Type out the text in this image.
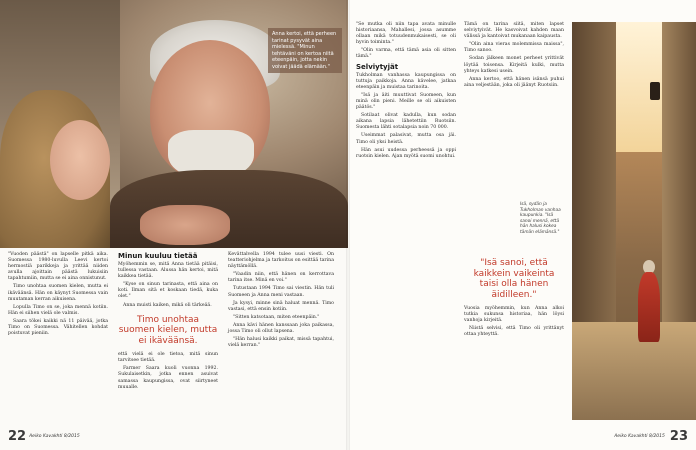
Anna kertoi, että perheen tarinat pysyvät aina mielessä. "Minun tehtäväni on kertoa niitä eteenpäin, jotta nekin voivat jäädä elämään."

"Vuoden päästä" on lapselle pitkä aika. Suomessa 1980-luvulla Leevi kertoi hermostiä parikkeja ja yrittää niiden avulla ajoittain päästä lukuisiin tapahtumiin, mutta se ei aina onnistunut.

Timo unohtaa suomen kielen, mutta ei ikäväänsä. Hän on käynyt Suomessa vain muutaman kerran aikuisena.

Lopulla Timo on se, joka mennä kotiin. Hän ei siihen vielä ole valmis.

Saara tökei kaikki nä 11 päivää, jotka Timo on Suomessa. Vähitellen kohdat poistuvat pieniin.

Minun kuuluu tietää

Myöhemmin se, mitä Anna tietää pitäisi, tullessa vastaan. Alussa hän kertoi, mitä kaikkea tietää.

"Kyse on sinun tarinasta, että aina on koti. Ilman sitä et koskaan tiedä, kuka olet."

Anna muisti kaiken, mikä oli tärkeää.

Timo unohtaa suomen kielen, mutta ei ikäväänsä.

että vielä ei ole tietoa, mitä sinun tarvitsee tietää.

Farmer Saara kuoli vuonna 1992. Sukulaisetkin, jotka ennen asuivat samassa kaupungissa, ovat siirtyneet muualle.

Kevättalvella 1994 tulee uusi viesti. On teatteriohjelma ja tarkoitus on esittää tarina näyttämöllä.

"Vaadin niin, että hänen on kerrottava tarina itse. Minä en voi."

Tutustaan 1994 Timo sai viestin. Hän tuli Suomeen ja Anna meni vastaan.

Ja kysyi, minne sinä haluat mennä. Timo vastasi, että ensin kotiin.

"Sitten katsotaan, miten eteenpäin."

Anna kävi hänen kanssaan joka paikassa, jossa Timo oli ollut lapsena.

"Hän halusi kaikki paikat, missä tapahtui, vielä kerran."

22 Aeiko Kavakhti 8/2015

"Se mutka oli niin tapa avata minulle historiaansa, Mahallesi, jossa asumme ollaan mikä totuudenmukaisesti, se oli hyvin toiminta."

"Olin varma, että tämä asia oli sitten tämä."

Selviytyjät

Tukholman vanhassa kaupungissa on tuttuja paikkoja. Anna kävelee, jatkaa eteenpäin ja muistaa tarinoita.

"Isä ja äiti muuttivat Suomeen, kun minä olin pieni. Meille se oli aikuisten päätös."

Sotilaat olivat kadulla, kun sodan aikana lapsia lähetettiin Ruotsiin. Suomesta lähti sotalapsia noin 70 000.

Useimmat palasivat, mutta osa jäi. Timo oli yksi heistä.

Hän asui uudessa perheessä ja oppi ruotsin kielen. Ajan myötä suomi unohtui.

Tämä on tarina siitä, miten lapset selviytyivät. He kasvoivat kahden maan välissä ja kantoivat mukanaan kaipausta.

"Olin aina vieras molemmissa maissa", Timo sanoo.

Sodan jälkeen monet perheet yrittivät löytää toisensa. Kirjeitä kulki, mutta yhteys katkesi usein.

Anna kertoo, että hänen isänsä puhui aina veljestään, joka oli jäänyt Ruotsiin.

"Isä sanoi, että kaikkein vaikeinta taisi olla hänen äidilleen."

Vuosia myöhemmin, kun Anna alkoi tutkia sukunsa historiaa, hän löysi vanhoja kirjeitä.

Niistä selvisi, että Timo oli yrittänyt ottaa yhteyttä.

Isä, sydän ja Tukholman vanhaa kaupunkia. "Isä sanoi mennä, että hän halusi kokea tämän elämänsä."
Aeiko Kavakhti 8/2015 23
